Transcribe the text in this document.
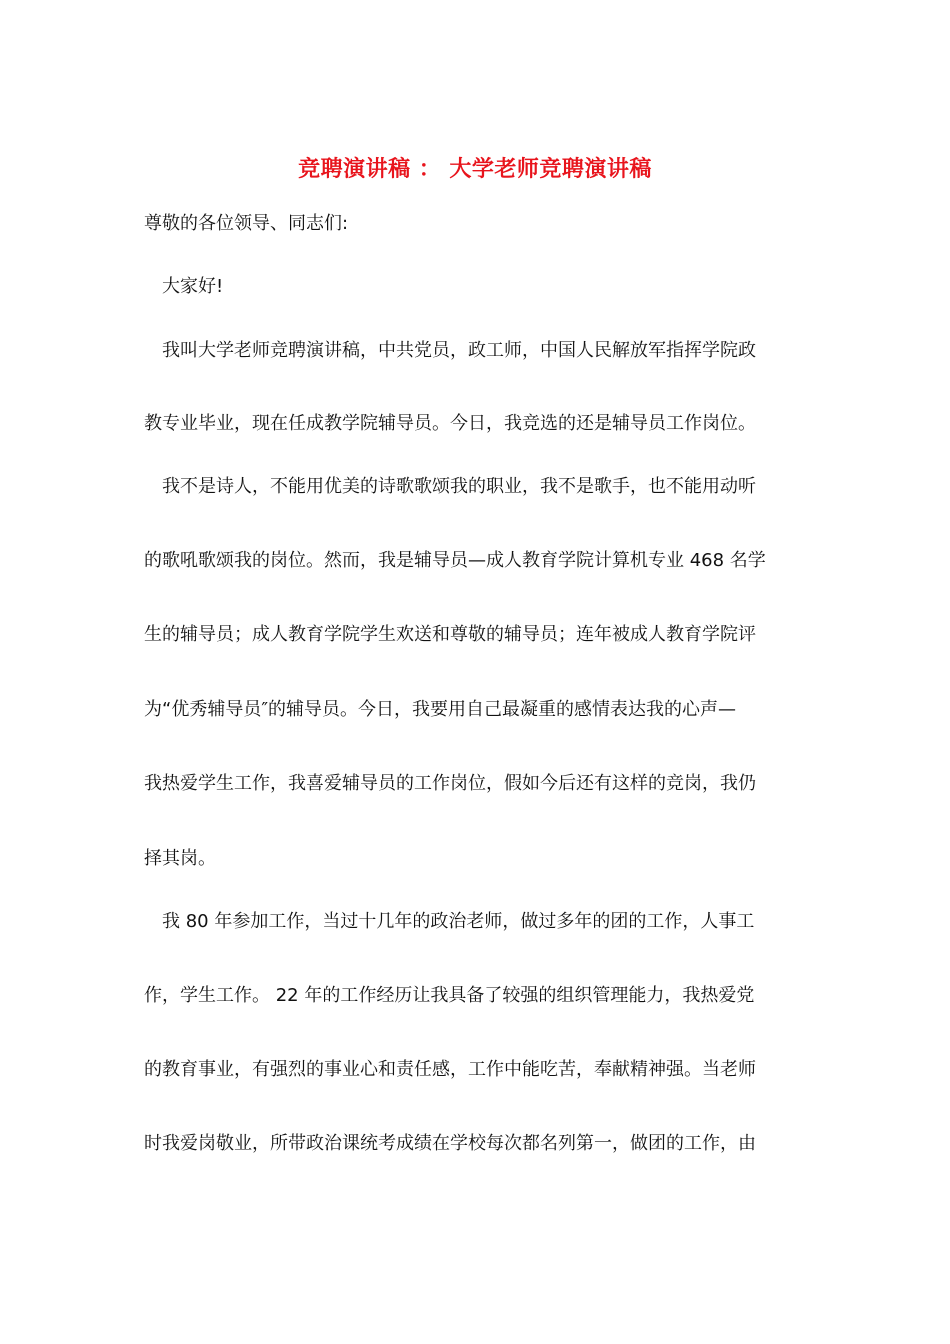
竞聘演讲稿 ： 大学老师竞聘演讲稿
尊敬的各位领导、同志们:
大家好!
我叫大学老师竞聘演讲稿，中共党员，政工师，中国人民解放军指挥学院政
教专业毕业，现在任成教学院辅导员。今日，我竞选的还是辅导员工作岗位。
我不是诗人，不能用优美的诗歌歌颂我的职业，我不是歌手，也不能用动听
的歌吼歌颂我的岗位。然而，我是辅导员—成人教育学院计算机专业 468 名学
生的辅导员；成人教育学院学生欢送和尊敬的辅导员；连年被成人教育学院评
为“优秀辅导员″的辅导员。今日，我要用自己最凝重的感情表达我的心声—
我热爱学生工作，我喜爱辅导员的工作岗位，假如今后还有这样的竞岗，我仍
择其岗。
我 80 年参加工作，当过十几年的政治老师，做过多年的团的工作，人事工
作，学生工作。 22 年的工作经历让我具备了较强的组织管理能力，我热爱党
的教育事业，有强烈的事业心和责任感，工作中能吃苦，奉献精神强。当老师
时我爱岗敬业，所带政治课统考成绩在学校每次都名列第一，做团的工作，由
